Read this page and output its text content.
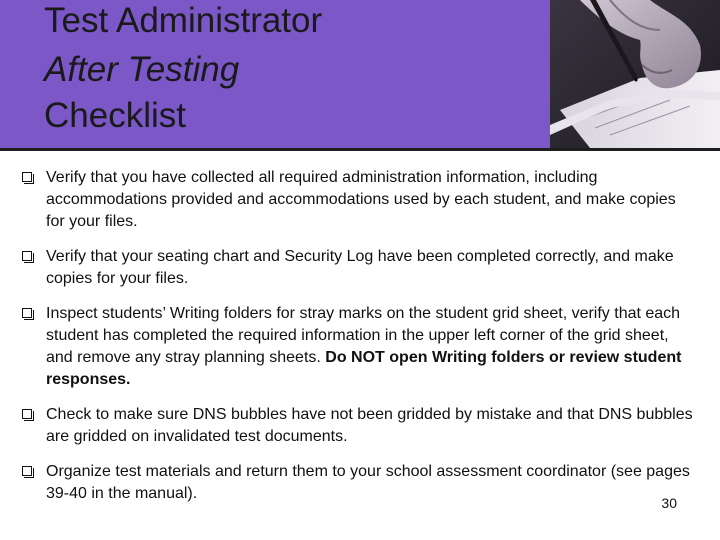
Test Administrator
After Testing
Checklist
Verify that you have collected all required administration information, including accommodations provided and accommodations used by each student, and make copies for your files.
Verify that your seating chart and Security Log have been completed correctly, and make copies for your files.
Inspect students’ Writing folders for stray marks on the student grid sheet, verify that each student has completed the required information in the upper left corner of the grid sheet, and remove any stray planning sheets. Do NOT open Writing folders or review student responses.
Check to make sure DNS bubbles have not been gridded by mistake and that DNS bubbles are gridded on invalidated test documents.
Organize test materials and return them to your school assessment coordinator (see pages 39-40 in the manual).
30
